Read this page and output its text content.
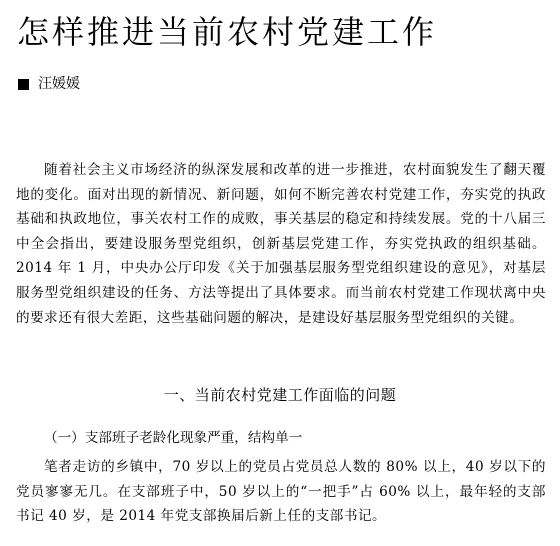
怎样推进当前农村党建工作
汪媛媛

随着社会主义市场经济的纵深发展和改革的进一步推进，农村面貌发生了翻天覆地的变化。面对出现的新情况、新问题，如何不断完善农村党建工作，夯实党的执政基础和执政地位，事关农村工作的成败，事关基层的稳定和持续发展。党的十八届三中全会指出，要建设服务型党组织，创新基层党建工作，夯实党执政的组织基础。2014 年 1 月，中央办公厅印发《关于加强基层服务型党组织建设的意见》，对基层服务型党组织建设的任务、方法等提出了具体要求。而当前农村党建工作现状离中央的要求还有很大差距，这些基础问题的解决，是建设好基层服务型党组织的关键。

一、当前农村党建工作面临的问题
（一）支部班子老龄化现象严重，结构单一

笔者走访的乡镇中，70 岁以上的党员占党员总人数的 80% 以上，40 岁以下的党员寥寥无几。在支部班子中，50 岁以上的“一把手”占 60% 以上，最年轻的支部书记 40 岁，是 2014 年党支部换届后新上任的支部书记。
